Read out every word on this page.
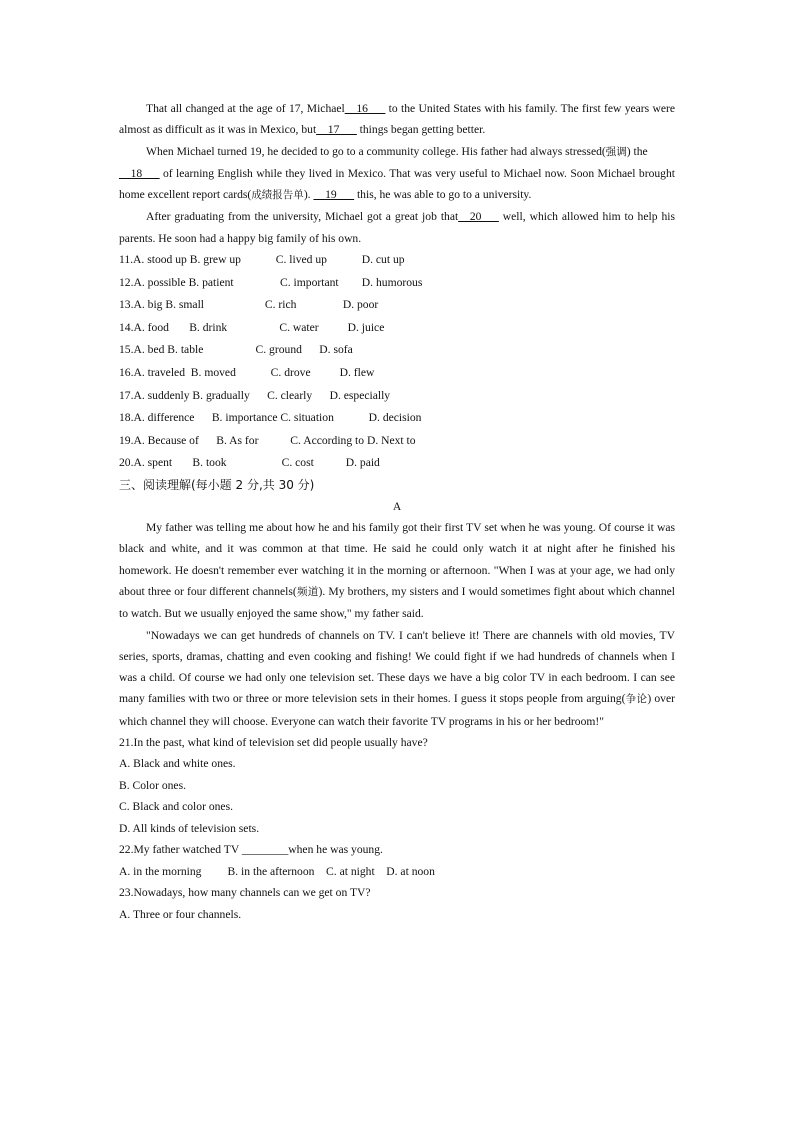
That all changed at the age of 17, Michael__16___ to the United States with his family. The first few years were almost as difficult as it was in Mexico, but__17___ things began getting better.

When Michael turned 19, he decided to go to a community college. His father had always stressed(强调) the

__18___ of learning English while they lived in Mexico. That was very useful to Michael now. Soon Michael brought home excellent report cards(成绩报告单). __19___ this, he was able to go to a university.

After graduating from the university, Michael got a great job that__20___ well, which allowed him to help his parents. He soon had a happy big family of his own.

11.A. stood up B. grew up            C. lived up            D. cut up

12.A. possible B. patient                C. important        D. humorous

13.A. big B. small                     C. rich                D. poor

14.A. food       B. drink                  C. water          D. juice

15.A. bed B. table                  C. ground      D. sofa

16.A. traveled  B. moved            C. drove          D. flew

17.A. suddenly B. gradually      C. clearly      D. especially

18.A. difference      B. importance C. situation            D. decision

19.A. Because of      B. As for           C. According to D. Next to

20.A. spent       B. took                   C. cost           D. paid

三、阅读理解(每小题 2 分,共 30 分)

A

My father was telling me about how he and his family got their first TV set when he was young. Of course it was black and white, and it was common at that time. He said he could only watch it at night after he finished his homework. He doesn't remember ever watching it in the morning or afternoon. "When I was at your age, we had only about three or four different channels(频道). My brothers, my sisters and I would sometimes fight about which channel to watch. But we usually enjoyed the same show," my father said.

"Nowadays we can get hundreds of channels on TV. I can't believe it! There are channels with old movies, TV series, sports, dramas, chatting and even cooking and fishing! We could fight if we had hundreds of channels when I was a child. Of course we had only one television set. These days we have a big color TV in each bedroom. I can see many families with two or three or more television sets in their homes. I guess it stops people from arguing(争论) over which channel they will choose. Everyone can watch their favorite TV programs in his or her bedroom!"

21.In the past, what kind of television set did people usually have?

A. Black and white ones.

B. Color ones.

C. Black and color ones.

D. All kinds of television sets.

22.My father watched TV ________when he was young.

A. in the morning         B. in the afternoon    C. at night    D. at noon

23.Nowadays, how many channels can we get on TV?

A. Three or four channels.
